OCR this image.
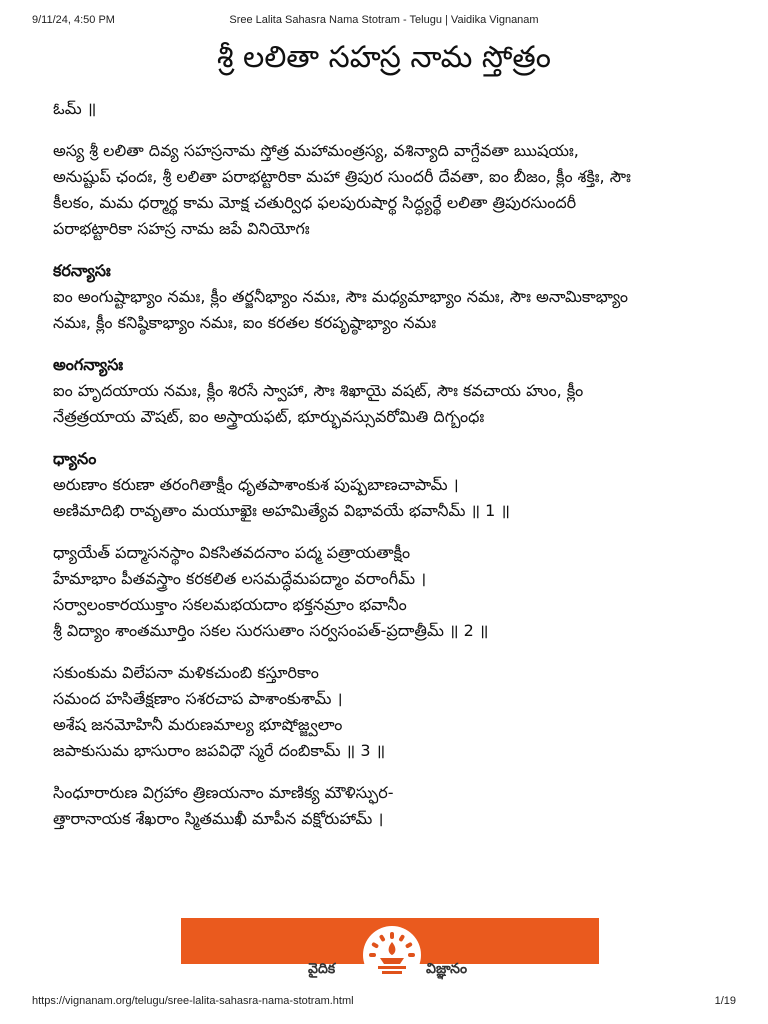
9/11/24, 4:50 PM	Sree Lalita Sahasra Nama Stotram - Telugu | Vaidika Vignanam
శ్రీ లలితా సహస్ర నామ స్తోత్రం

ఓమ్ ॥

అస్య శ్రీ లలితా దివ్య సహస్రనామ స్తోత్ర మహామంత్రస్య, వశిన్యాది వాగ్దేవతా ఋషయః,
అనుష్టుప్ ఛందః, శ్రీ లలితా పరాభట్టారికా మహా త్రిపుర సుందరీ దేవతా, ఐం బీజం, క్లీం శక్తిః, సౌః
కీలకం, మమ ధర్మార్థ కామ మోక్ష చతుర్విధ ఫలపురుషార్థ సిద్ధ్యర్థే లలితా త్రిపురసుందరీ
పరాభట్టారికా సహస్ర నామ జపే వినియోగః

కరన్యాసః

ఐం అంగుష్టాభ్యాం నమః, క్లీం తర్జనీభ్యాం నమః, సౌః మధ్యమాభ్యాం నమః, సౌః అనామికాభ్యాం
నమః, క్లీం కనిష్ఠికాభ్యాం నమః, ఐం కరతల కరపృష్ఠాభ్యాం నమః

అంగన్యాసః

ఐం హృదయాయ నమః, క్లీం శిరసే స్వాహా, సౌః శిఖాయై వషట్, సౌః కవచాయ హుం, క్లీం
నేత్రత్రయాయ వౌషట్, ఐం అస్త్రాయఫట్, భూర్భువస్సువరోమితి దిగ్బంధః

ధ్యానం

అరుణాం కరుణా తరంగితాక్షీం ధృతపాశాంకుశ పుష్పబాణచాపామ్ ।
అణిమాదిభి రావృతాం మయూఖైః అహమిత్యేవ విభావయే భవానీమ్ ॥ 1 ॥
ధ్యాయేత్ పద్మాసనస్థాం వికసితవదనాం పద్మ పత్రాయతాక్షీం
హేమాభాం పీతవస్త్రాం కరకలిత లసమద్ధేమపద్మాం వరాంగీమ్ ।
సర్వాలంకారయుక్తాం సకలమభయదాం భక్తనమ్రాం భవానీం
శ్రీ విద్యాం శాంతమూర్తిం సకల సురసుతాం సర్వసంపత్-ప్రదాత్రీమ్ ॥ 2 ॥
సకుంకుమ విలేపనా మళికచుంబి కస్తూరికాం
సమంద హసితేక్షణాం సశరచాప పాశాంకుశామ్ ।
అశేష జనమోహినీ మరుణమాల్య భూషోజ్జ్వలాం
జపాకుసుమ భాసురాం జపవిధౌ స్మరే దంబికామ్ ॥ 3 ॥
సింధూరారుణ విగ్రహాం త్రిణయనాం మాణిక్య మౌళిస్ఫుర-
త్తారానాయక శేఖరాం స్మితముఖీ మాపీన వక్షోరుహామ్ ।
వైదిక	విజ్ఞానం
https://vignanam.org/telugu/sree-lalita-sahasra-nama-stotram.html	1/19
